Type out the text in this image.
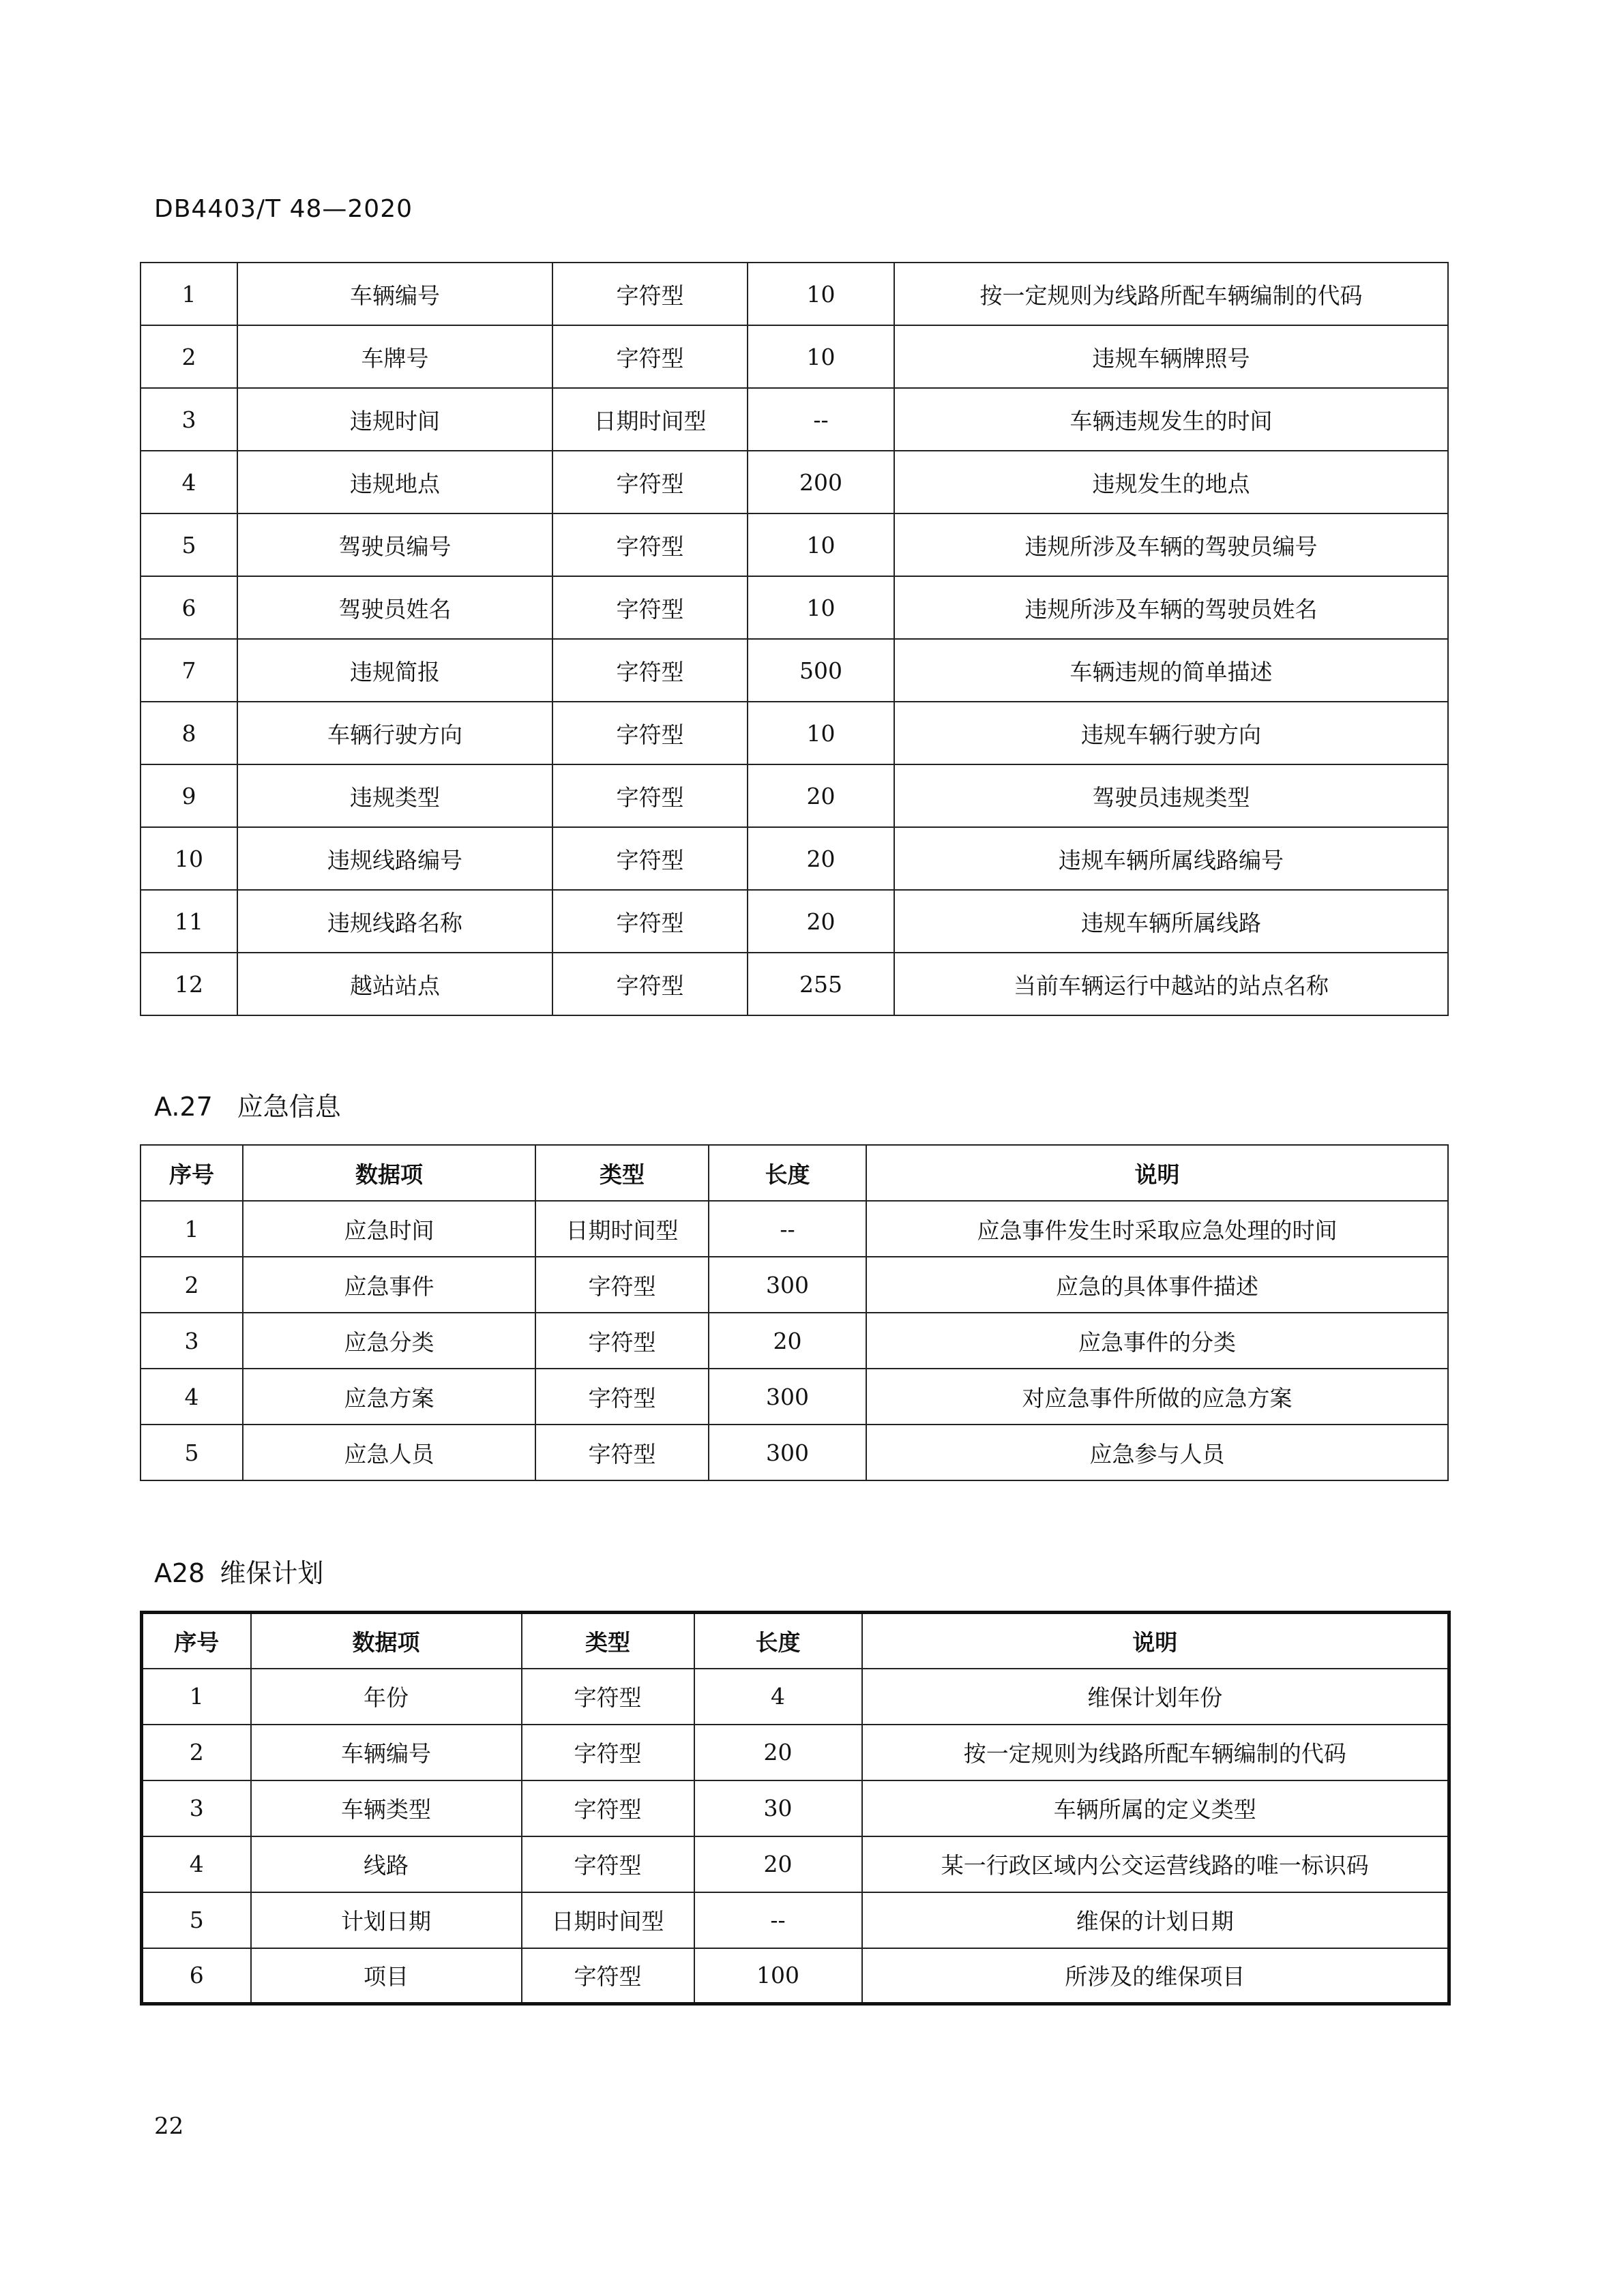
DB4403/T 48—2020
1	车辆编号	字符型	10	按一定规则为线路所配车辆编制的代码
2	车牌号	字符型	10	违规车辆牌照号
3	违规时间	日期时间型	--	车辆违规发生的时间
4	违规地点	字符型	200	违规发生的地点
5	驾驶员编号	字符型	10	违规所涉及车辆的驾驶员编号
6	驾驶员姓名	字符型	10	违规所涉及车辆的驾驶员姓名
7	违规简报	字符型	500	车辆违规的简单描述
8	车辆行驶方向	字符型	10	违规车辆行驶方向
9	违规类型	字符型	20	驾驶员违规类型
10	违规线路编号	字符型	20	违规车辆所属线路编号
11	违规线路名称	字符型	20	违规车辆所属线路
12	越站站点	字符型	255	当前车辆运行中越站的站点名称
A.27 应急信息
序号	数据项	类型	长度	说明
1	应急时间	日期时间型	--	应急事件发生时采取应急处理的时间
2	应急事件	字符型	300	应急的具体事件描述
3	应急分类	字符型	20	应急事件的分类
4	应急方案	字符型	300	对应急事件所做的应急方案
5	应急人员	字符型	300	应急参与人员
A28 维保计划
序号	数据项	类型	长度	说明
1	年份	字符型	4	维保计划年份
2	车辆编号	字符型	20	按一定规则为线路所配车辆编制的代码
3	车辆类型	字符型	30	车辆所属的定义类型
4	线路	字符型	20	某一行政区域内公交运营线路的唯一标识码
5	计划日期	日期时间型	--	维保的计划日期
6	项目	字符型	100	所涉及的维保项目
22
